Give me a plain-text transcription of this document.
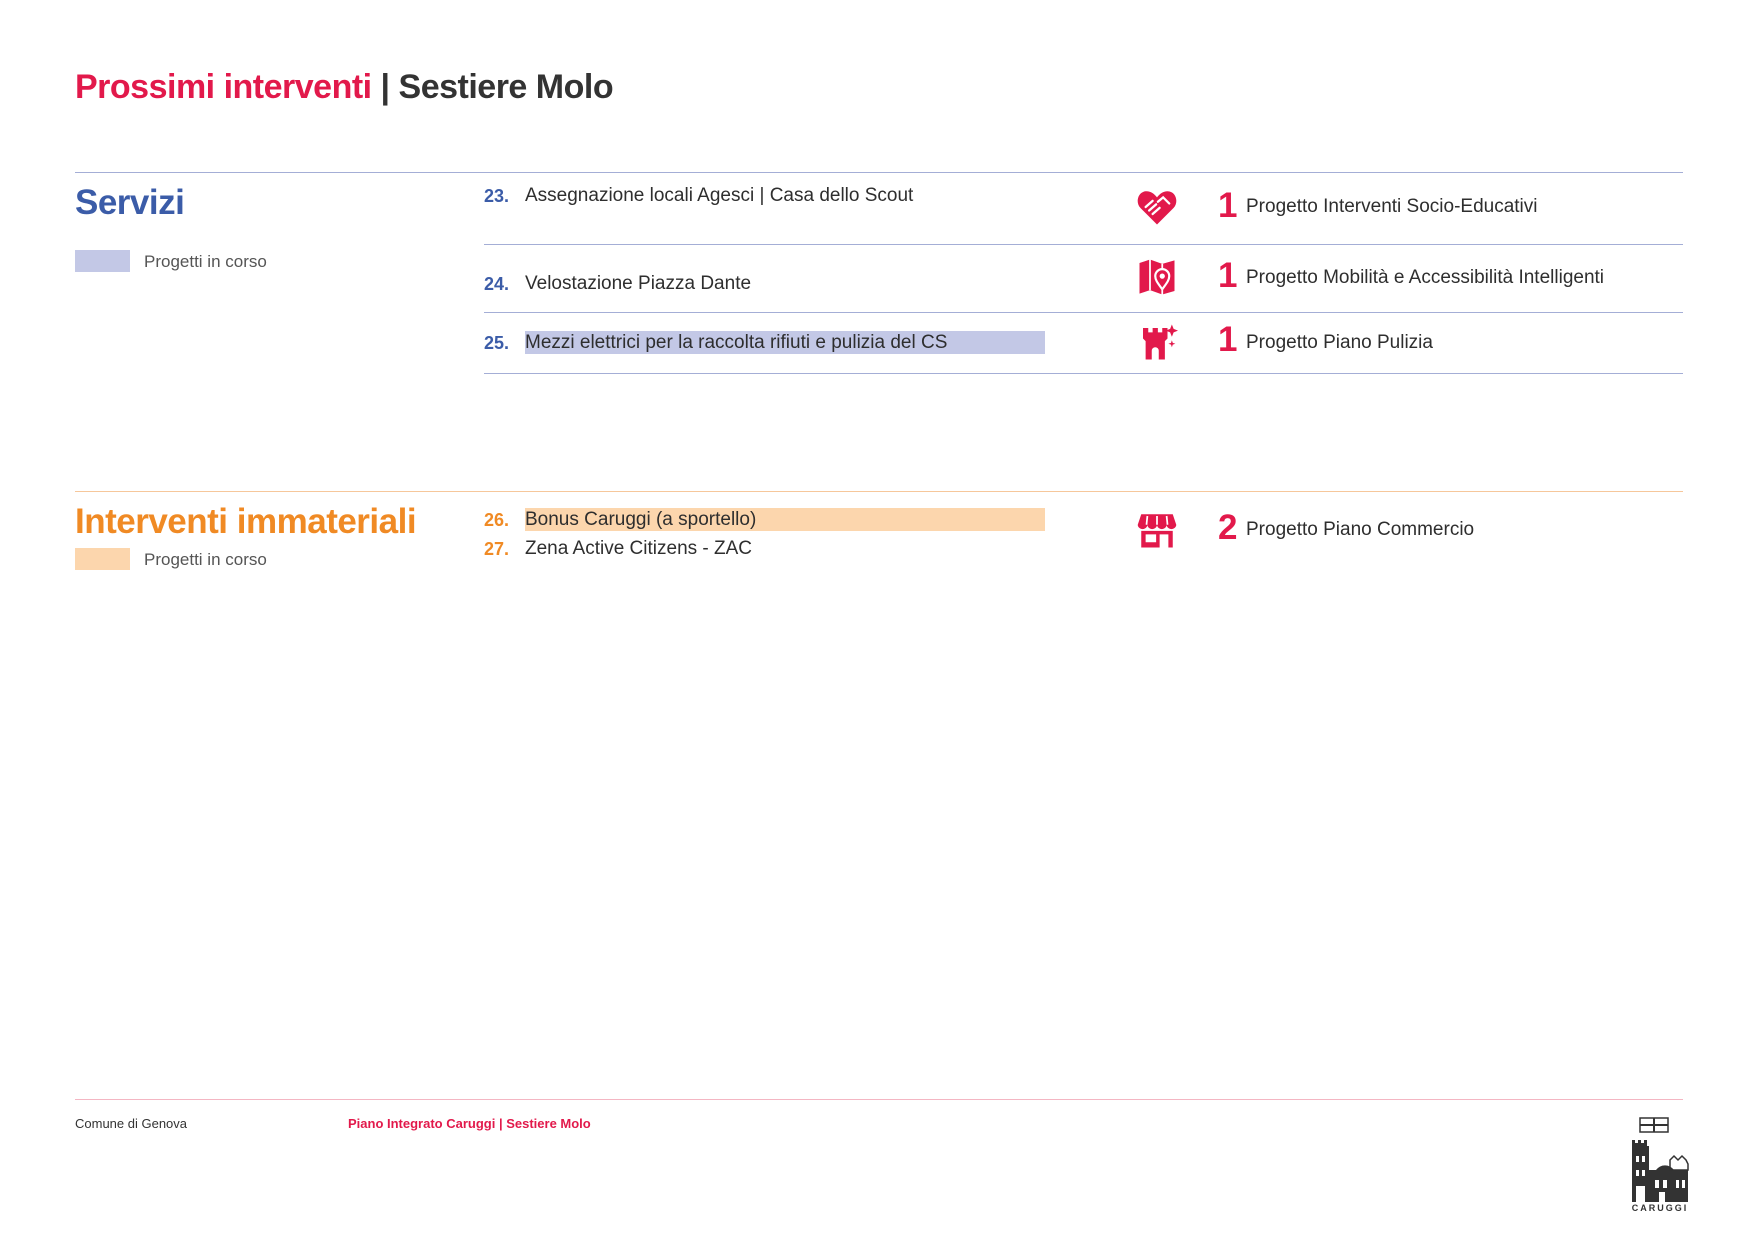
Prossimi interventi | Sestiere Molo
Servizi
Progetti in corso
23. Assegnazione locali Agesci | Casa dello Scout	1 Progetto Interventi Socio-Educativi
24. Velostazione Piazza Dante	1 Progetto Mobilità e Accessibilità Intelligenti
25. Mezzi elettrici per la raccolta rifiuti e pulizia del CS	1 Progetto Piano Pulizia
Interventi immateriali
Progetti in corso
26. Bonus Caruggi (a sportello)
27. Zena Active Citizens - ZAC
2 Progetto Piano Commercio
Comune di Genova	Piano Integrato Caruggi | Sestiere Molo
CARUGGI
